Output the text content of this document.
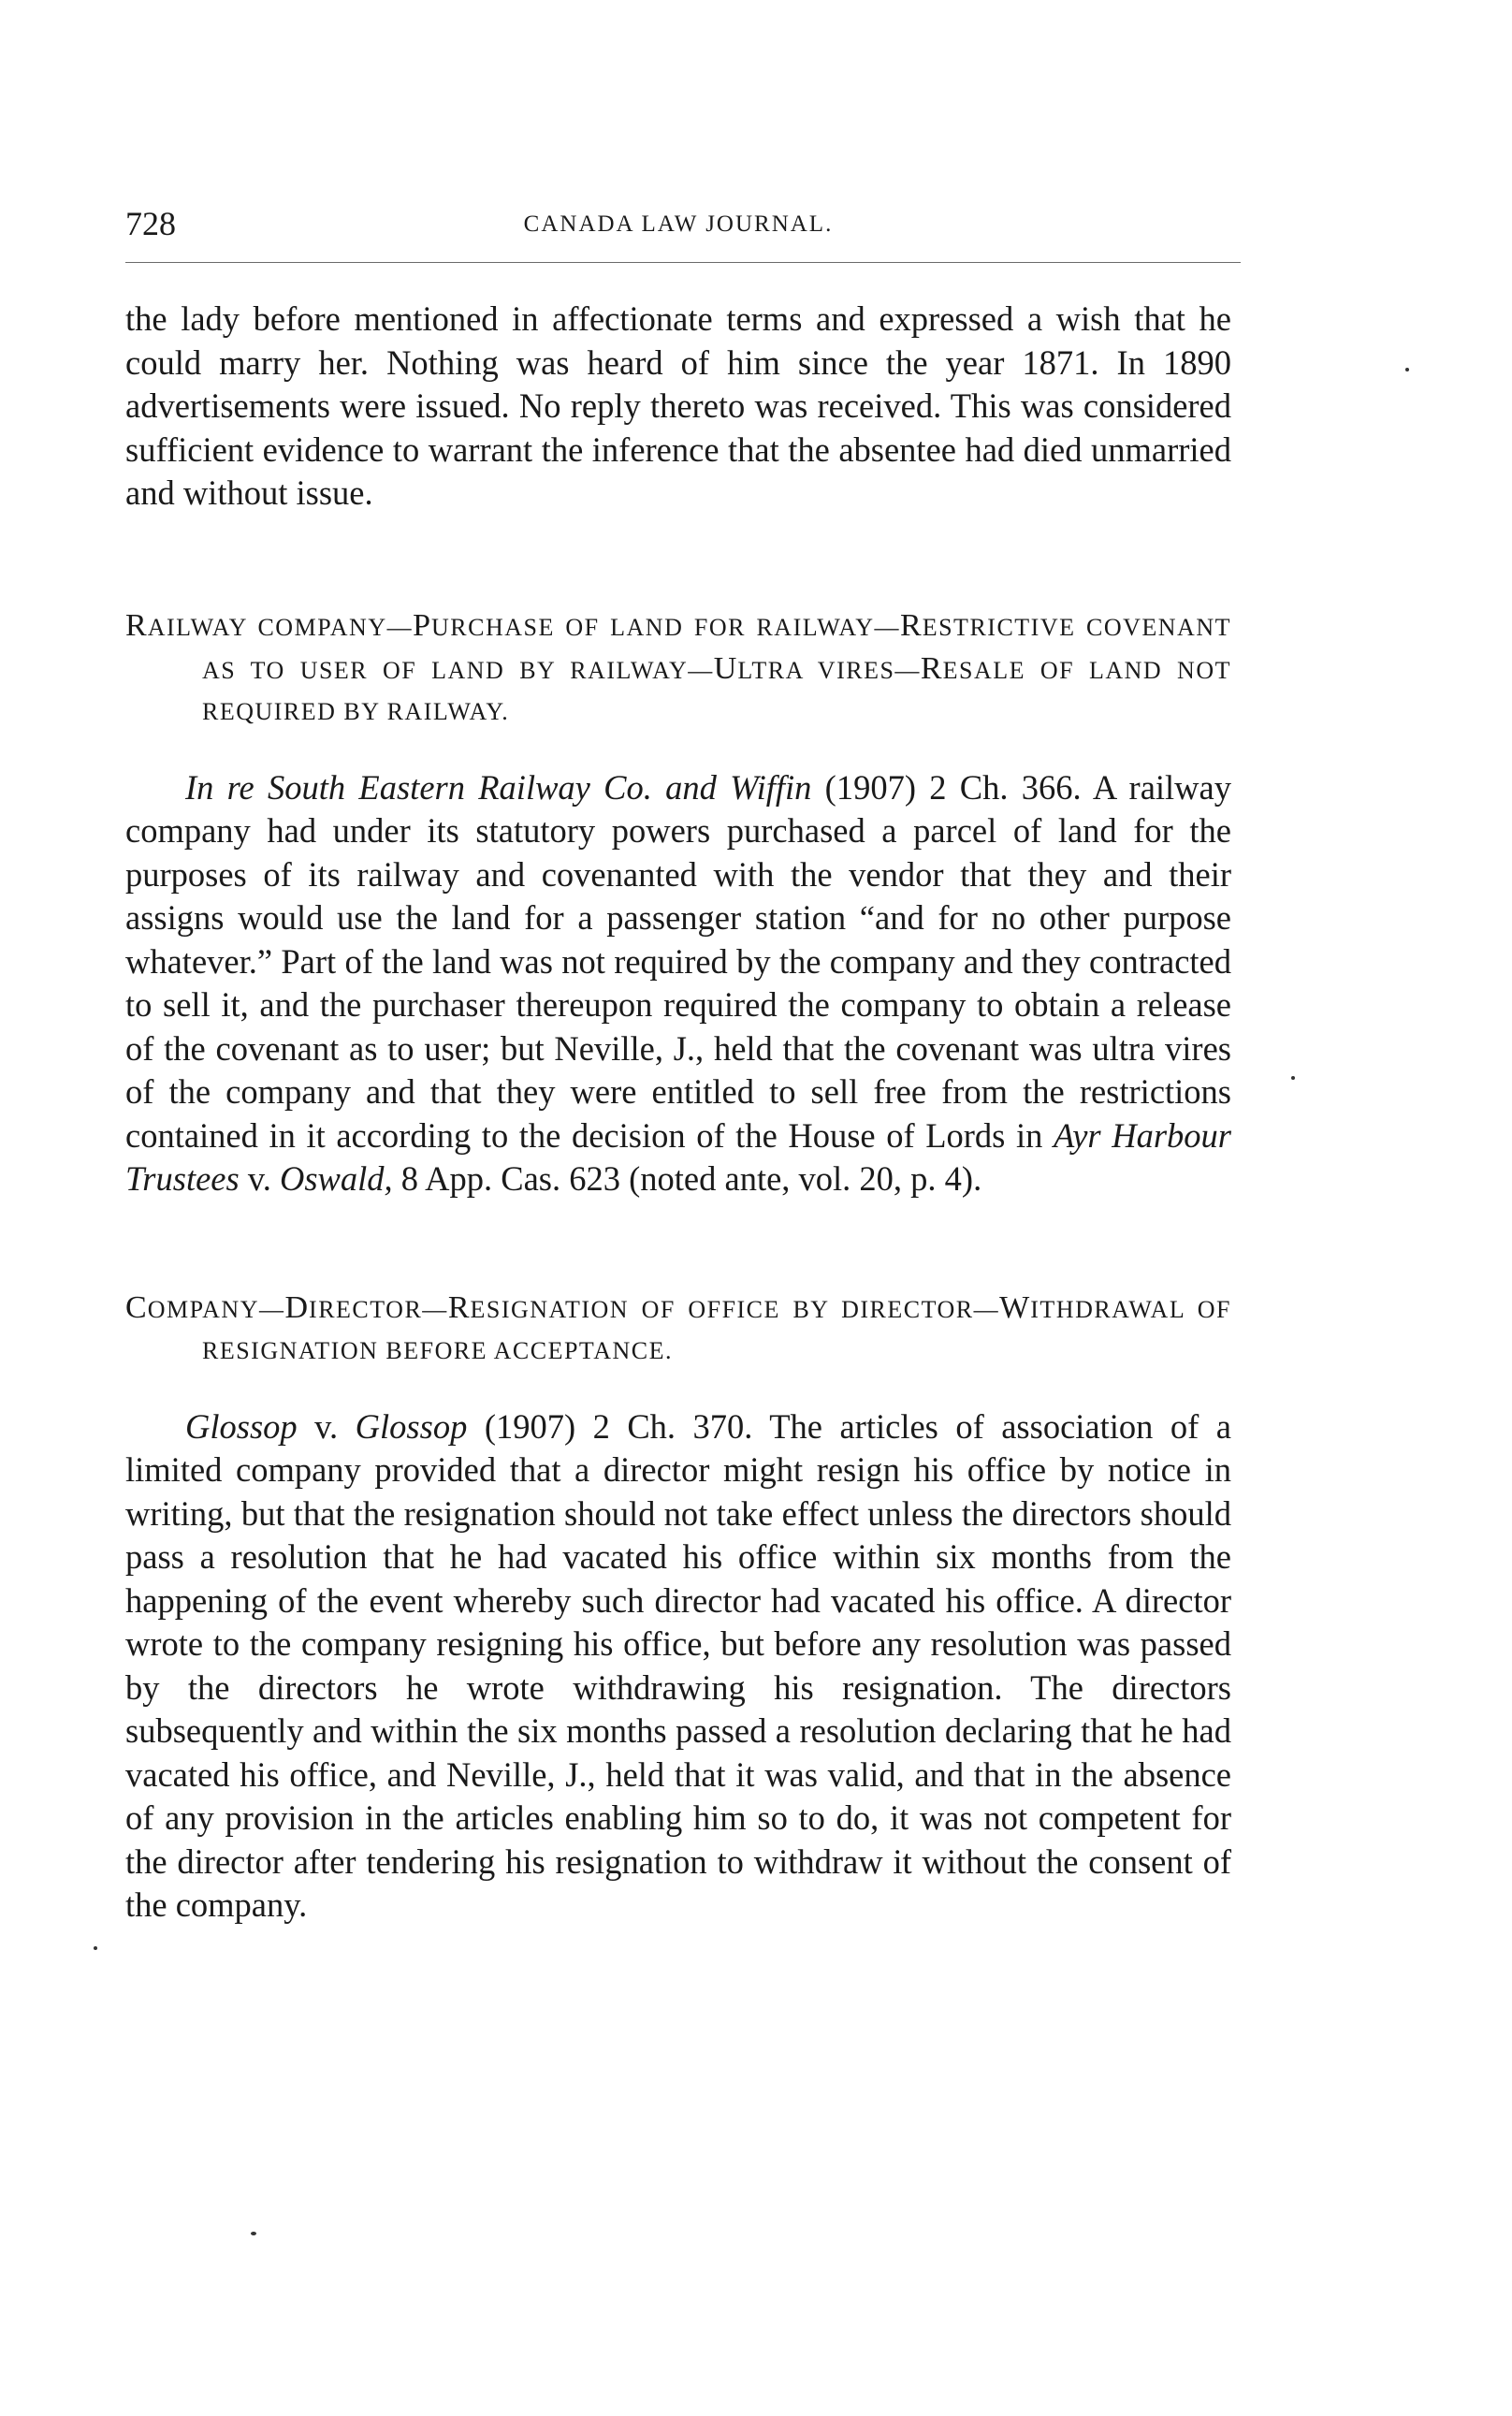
728	CANADA LAW JOURNAL.

the lady before mentioned in affectionate terms and expressed a wish that he could marry her. Nothing was heard of him since the year 1871. In 1890 advertisements were issued. No reply thereto was received. This was considered sufficient evidence to warrant the inference that the absentee had died unmarried and without issue.

RAILWAY COMPANY—PURCHASE OF LAND FOR RAILWAY—RESTRICTIVE COVENANT AS TO USER OF LAND BY RAILWAY—ULTRA VIRES—RESALE OF LAND NOT REQUIRED BY RAILWAY.

In re South Eastern Railway Co. and Wiffin (1907) 2 Ch. 366. A railway company had under its statutory powers purchased a parcel of land for the purposes of its railway and covenanted with the vendor that they and their assigns would use the land for a passenger station “and for no other purpose whatever.” Part of the land was not required by the company and they contracted to sell it, and the purchaser thereupon required the company to obtain a release of the covenant as to user; but Neville, J., held that the covenant was ultra vires of the company and that they were entitled to sell free from the restrictions contained in it according to the decision of the House of Lords in Ayr Harbour Trustees v. Oswald, 8 App. Cas. 623 (noted ante, vol. 20, p. 4).

COMPANY—DIRECTOR—RESIGNATION OF OFFICE BY DIRECTOR—WITHDRAWAL OF RESIGNATION BEFORE ACCEPTANCE.

Glossop v. Glossop (1907) 2 Ch. 370. The articles of association of a limited company provided that a director might resign his office by notice in writing, but that the resignation should not take effect unless the directors should pass a resolution that he had vacated his office within six months from the happening of the event whereby such director had vacated his office. A director wrote to the company resigning his office, but before any resolution was passed by the directors he wrote withdrawing his resignation. The directors subsequently and within the six months passed a resolution declaring that he had vacated his office, and Neville, J., held that it was valid, and that in the absence of any provision in the articles enabling him so to do, it was not competent for the director after tendering his resignation to withdraw it without the consent of the company.
